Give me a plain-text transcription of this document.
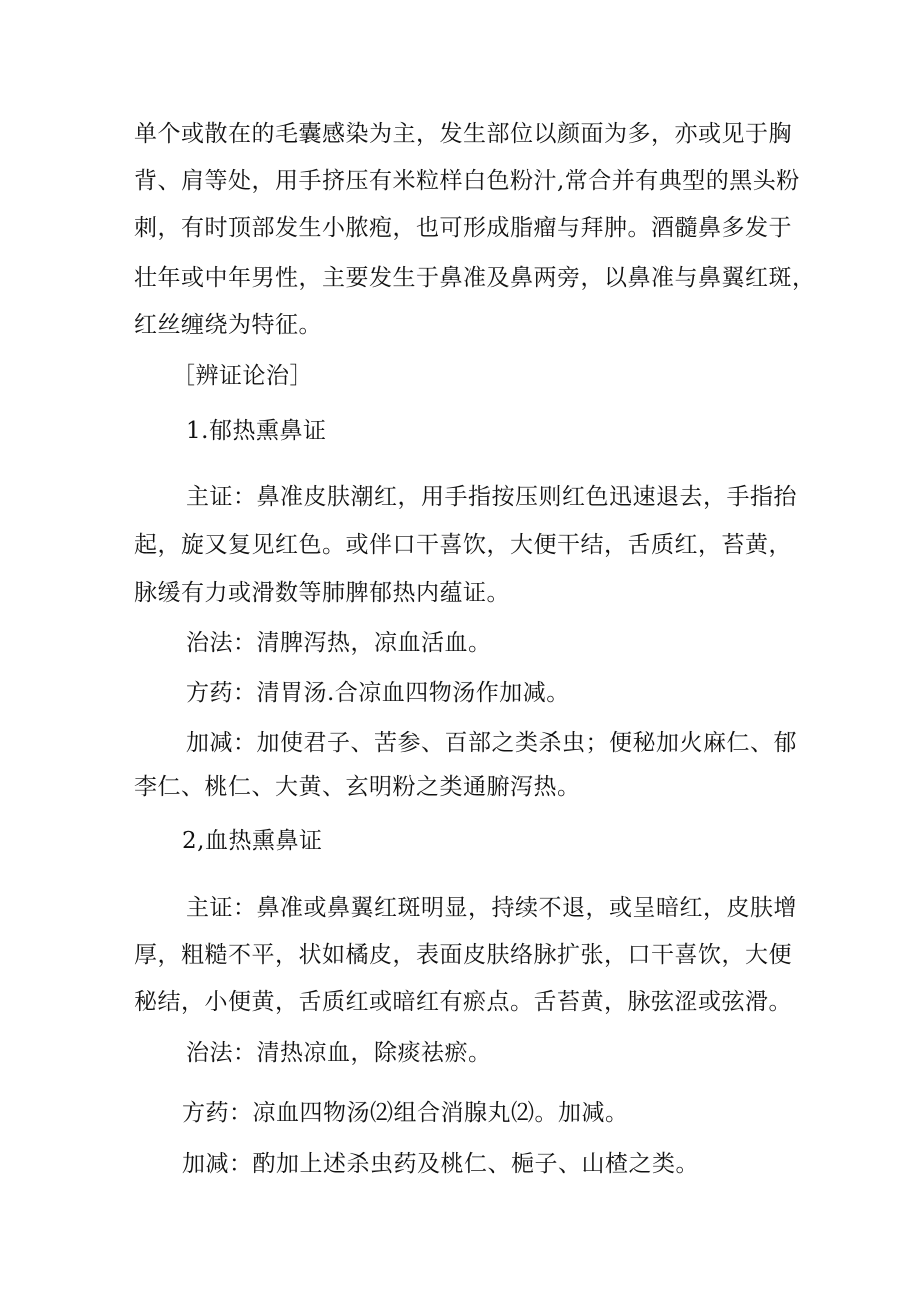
单个或散在的毛囊感染为主，发生部位以颜面为多，亦或见于胸
背、肩等处，用手挤压有米粒样白色粉汁,常合并有典型的黑头粉
刺，有时顶部发生小脓疱，也可形成脂瘤与拜肿。酒髓鼻多发于
壮年或中年男性，主要发生于鼻准及鼻两旁，以鼻准与鼻翼红斑，
红丝缠绕为特征。
［辨证论治］
1.郁热熏鼻证
主证：鼻准皮肤潮红，用手指按压则红色迅速退去，手指抬
起，旋又复见红色。或伴口干喜饮，大便干结，舌质红，苔黄，
脉缓有力或滑数等肺脾郁热内蕴证。
治法：清脾泻热，凉血活血。
方药：清胃汤.合凉血四物汤作加减。
加减：加使君子、苦参、百部之类杀虫；便秘加火麻仁、郁
李仁、桃仁、大黄、玄明粉之类通腑泻热。
2,血热熏鼻证
主证：鼻准或鼻翼红斑明显，持续不退，或呈暗红，皮肤增
厚，粗糙不平，状如橘皮，表面皮肤络脉扩张，口干喜饮，大便
秘结，小便黄，舌质红或暗红有瘀点。舌苔黄，脉弦涩或弦滑。
治法：清热凉血，除痰祛瘀。
方药：凉血四物汤⑵组合消腺丸⑵。加减。
加减：酌加上述杀虫药及桃仁、梔子、山楂之类。
